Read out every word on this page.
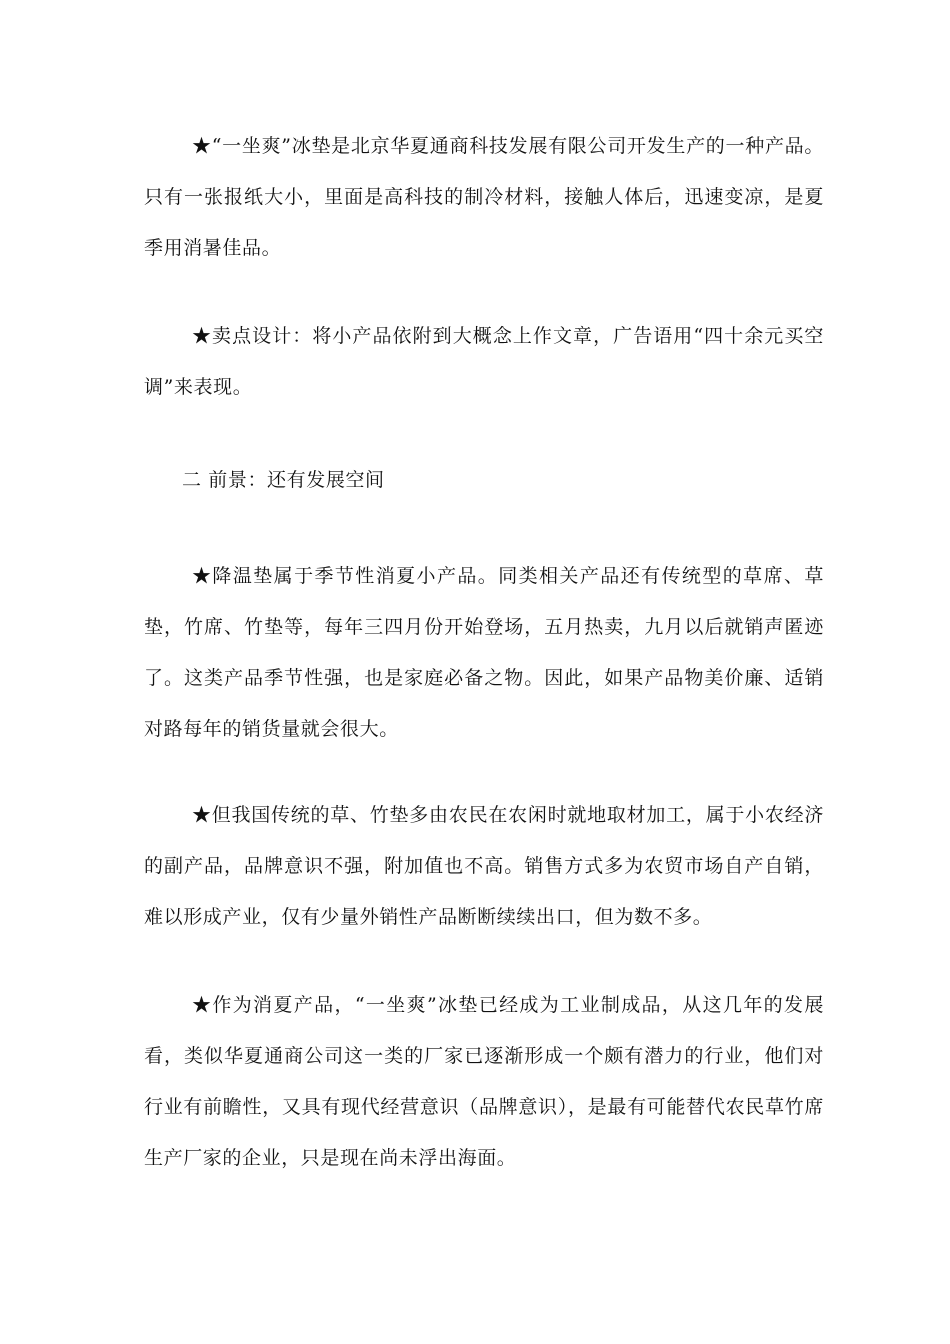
★“一坐爽”冰垫是北京华夏通商科技发展有限公司开发生产的一种产品。只有一张报纸大小，里面是高科技的制冷材料，接触人体后，迅速变凉，是夏季用消暑佳品。

★卖点设计：将小产品依附到大概念上作文章，广告语用“四十余元买空调”来表现。

二 前景：还有发展空间

★降温垫属于季节性消夏小产品。同类相关产品还有传统型的草席、草垫，竹席、竹垫等，每年三四月份开始登场，五月热卖，九月以后就销声匿迹了。这类产品季节性强，也是家庭必备之物。因此，如果产品物美价廉、适销对路每年的销货量就会很大。

★但我国传统的草、竹垫多由农民在农闲时就地取材加工，属于小农经济的副产品，品牌意识不强，附加值也不高。销售方式多为农贸市场自产自销，难以形成产业，仅有少量外销性产品断断续续出口，但为数不多。

★作为消夏产品，“一坐爽”冰垫已经成为工业制成品，从这几年的发展看，类似华夏通商公司这一类的厂家已逐渐形成一个颇有潜力的行业，他们对行业有前瞻性，又具有现代经营意识（品牌意识），是最有可能替代农民草竹席生产厂家的企业，只是现在尚未浮出海面。
